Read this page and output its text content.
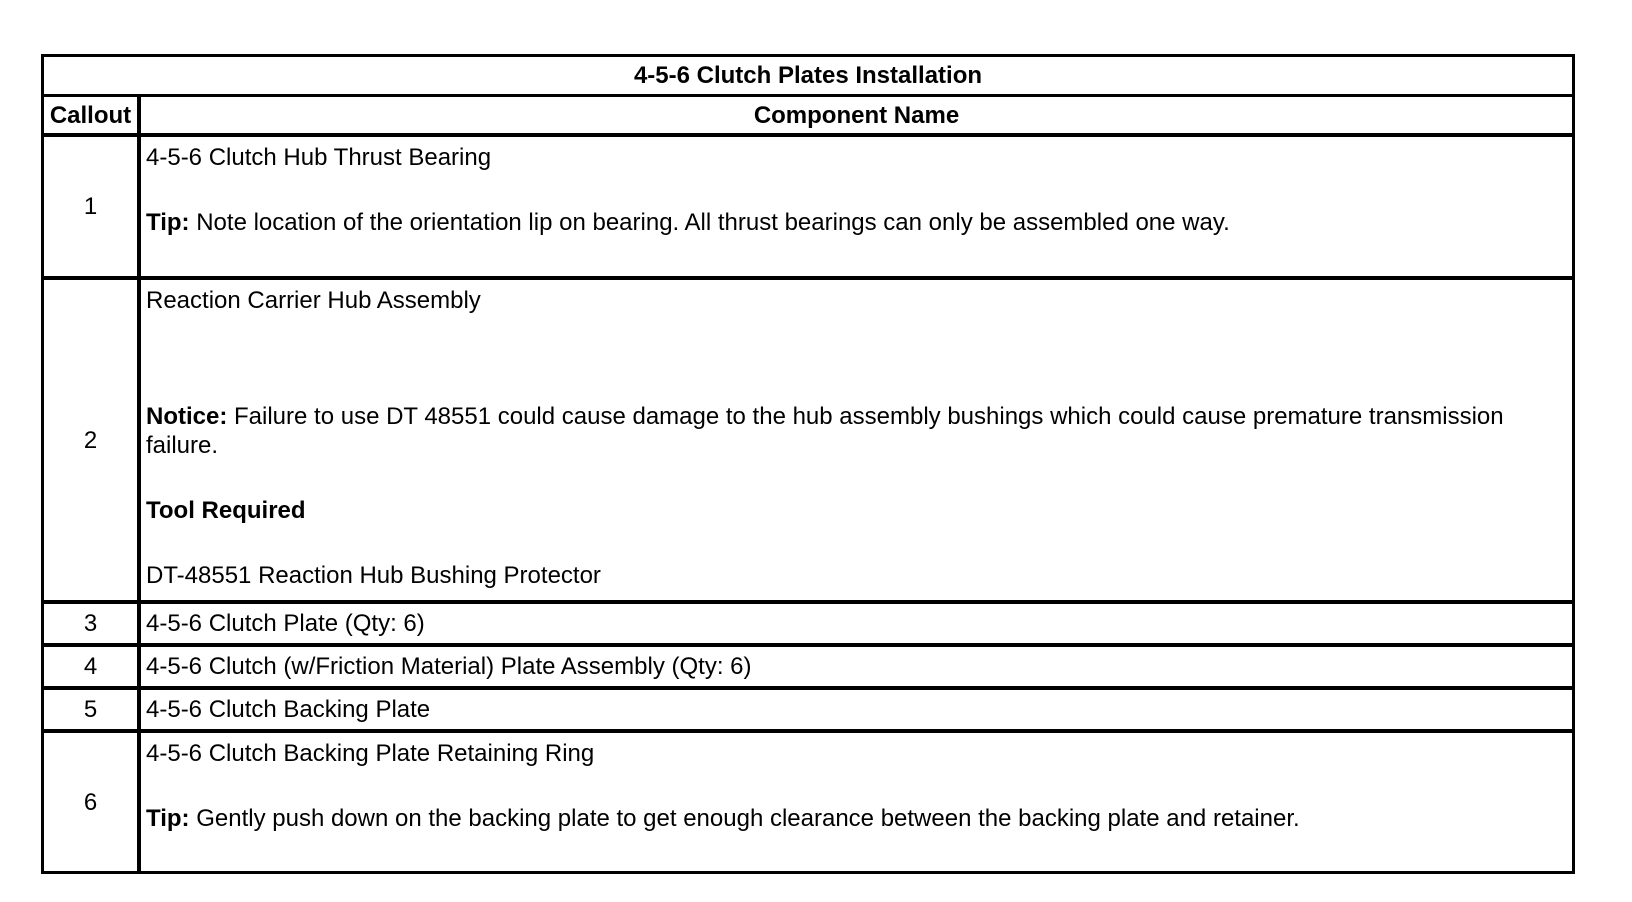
4-5-6 Clutch Plates Installation	
Callout	Component Name
1	4-5-6 Clutch Hub Thrust Bearing
Tip: Note location of the orientation lip on bearing. All thrust bearings can only be assembled one way.

2	Reaction Carrier Hub Assembly
Notice: Failure to use DT 48551 could cause damage to the hub assembly bushings which could cause premature transmission failure.
Tool Required
DT-48551 Reaction Hub Bushing Protector

3	4-5-6 Clutch Plate (Qty: 6)
4	4-5-6 Clutch (w/Friction Material) Plate Assembly (Qty: 6)
5	4-5-6 Clutch Backing Plate
6	4-5-6 Clutch Backing Plate Retaining Ring
Tip: Gently push down on the backing plate to get enough clearance between the backing plate and retainer.
